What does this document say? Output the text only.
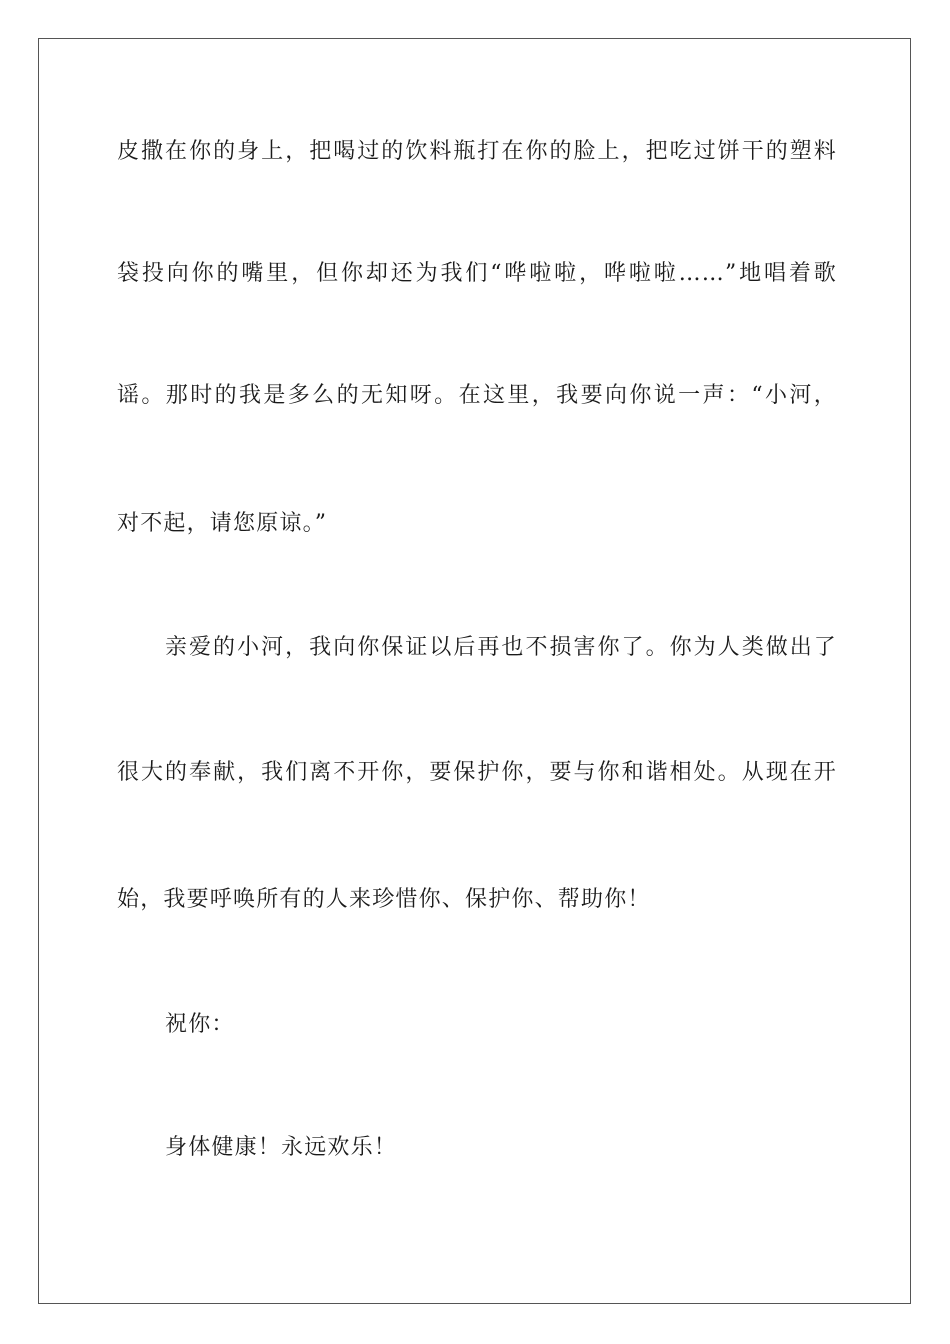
皮撒在你的身上，把喝过的饮料瓶打在你的脸上，把吃过饼干的塑料
袋投向你的嘴里，但你却还为我们“哗啦啦，哗啦啦……”地唱着歌
谣。那时的我是多么的无知呀。在这里，我要向你说一声：“小河，
对不起，请您原谅。”
亲爱的小河，我向你保证以后再也不损害你了。你为人类做出了
很大的奉献，我们离不开你，要保护你，要与你和谐相处。从现在开
始，我要呼唤所有的人来珍惜你、保护你、帮助你！
祝你：
身体健康！永远欢乐！
